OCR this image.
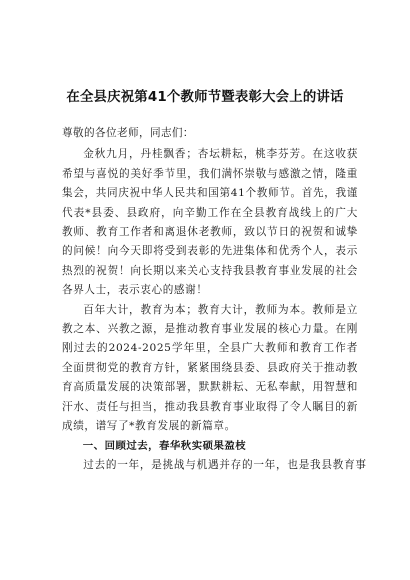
在全县庆祝第41个教师节暨表彰大会上的讲话
尊敬的各位老师，同志们：

金秋九月，丹桂飘香；杏坛耕耘，桃李芬芳。在这收获希望与喜悦的美好季节里，我们满怀崇敬与感激之情，隆重集会，共同庆祝中华人民共和国第41个教师节。首先，我谨代表*县委、县政府，向辛勤工作在全县教育战线上的广大教师、教育工作者和离退休老教师，致以节日的祝贺和诚挚的问候！向今天即将受到表彰的先进集体和优秀个人，表示热烈的祝贺！向长期以来关心支持我县教育事业发展的社会各界人士，表示衷心的感谢！

百年大计，教育为本；教育大计，教师为本。教师是立教之本、兴教之源，是推动教育事业发展的核心力量。在刚刚过去的2024-2025学年里，全县广大教师和教育工作者全面贯彻党的教育方针，紧紧围绕县委、县政府关于推动教育高质量发展的决策部署，默默耕耘、无私奉献，用智慧和汗水、责任与担当，推动我县教育事业取得了令人瞩目的新成绩，谱写了*教育发展的新篇章。

一、回顾过去，春华秋实硕果盈枝

过去的一年，是挑战与机遇并存的一年，也是我县教育事
